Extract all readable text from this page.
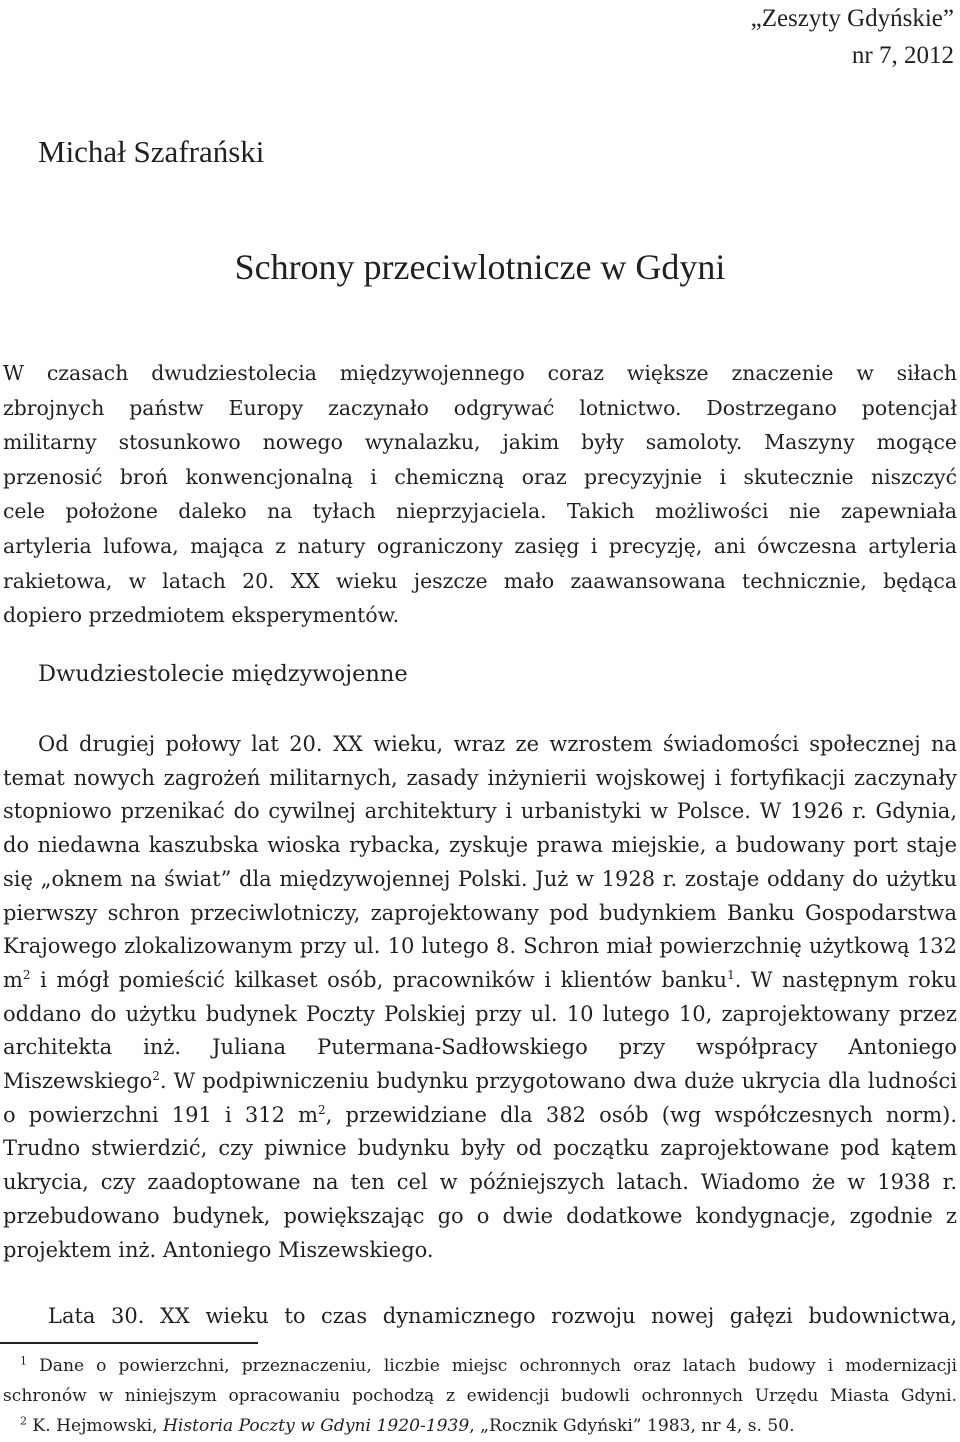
„Zeszyty Gdyńskie”
nr 7, 2012
Michał Szafrański
Schrony przeciwlotnicze w Gdyni
W czasach dwudziestolecia międzywojennego coraz większe znaczenie w siłach
zbrojnych państw Europy zaczynało odgrywać lotnictwo. Dostrzegano potencjał
militarny stosunkowo nowego wynalazku, jakim były samoloty. Maszyny mogące
przenosić broń konwencjonalną i chemiczną oraz precyzyjnie i skutecznie niszczyć
cele położone daleko na tyłach nieprzyjaciela. Takich możliwości nie zapewniała
artyleria lufowa, mająca z natury ograniczony zasięg i precyzję, ani ówczesna artyleria
rakietowa, w latach 20. XX wieku jeszcze mało zaawansowana technicznie, będąca
dopiero przedmiotem eksperymentów.
Dwudziestolecie międzywojenne

Od drugiej połowy lat 20. XX wieku, wraz ze wzrostem świadomości społecznej na temat nowych zagrożeń militarnych, zasady inżynierii wojskowej i fortyfikacji zaczynały stopniowo przenikać do cywilnej architektury i urbanistyki w Polsce. W 1926 r. Gdynia, do niedawna kaszubska wioska rybacka, zyskuje prawa miejskie, a budowany port staje się „oknem na świat” dla międzywojennej Polski. Już w 1928 r. zostaje oddany do użytku pierwszy schron przeciwlotniczy, zaprojektowany pod budynkiem Banku Gospodarstwa Krajowego zlokalizowanym przy ul. 10 lutego 8. Schron miał powierzchnię użytkową 132 $m^2$ i mógł pomieścić kilkaset osób, pracowników i klientów banku$^1$. W następnym roku oddano do użytku budynek Poczty Polskiej przy ul. 10 lutego 10, zaprojektowany przez architekta inż. Juliana Putermana-Sadłowskiego przy współpracy Antoniego Miszewskiego$^2$. W podpiwniczeniu budynku przygotowano dwa duże ukrycia dla ludności o powierzchni 191 i 312 $m^2$, przewidziane dla 382 osób (wg współczesnych norm). Trudno stwierdzić, czy piwnice budynku były od początku zaprojektowane pod kątem ukrycia, czy zaadoptowane na ten cel w późniejszych latach. Wiadomo że w 1938 r. przebudowano budynek, powiększając go o dwie dodatkowe kondygnacje, zgodnie z projektem inż. Antoniego Miszewskiego.

Lata 30. XX wieku to czas dynamicznego rozwoju nowej gałęzi budownictwa,

$^1$ Dane o powierzchni, przeznaczeniu, liczbie miejsc ochronnych oraz latach budowy i modernizacji schronów w niniejszym opracowaniu pochodzą z ewidencji budowli ochronnych Urzędu Miasta Gdyni.

$^2$ K. Hejmowski, Historia Poczty w Gdyni 1920-1939, „Rocznik Gdyński” 1983, nr 4, s. 50.
